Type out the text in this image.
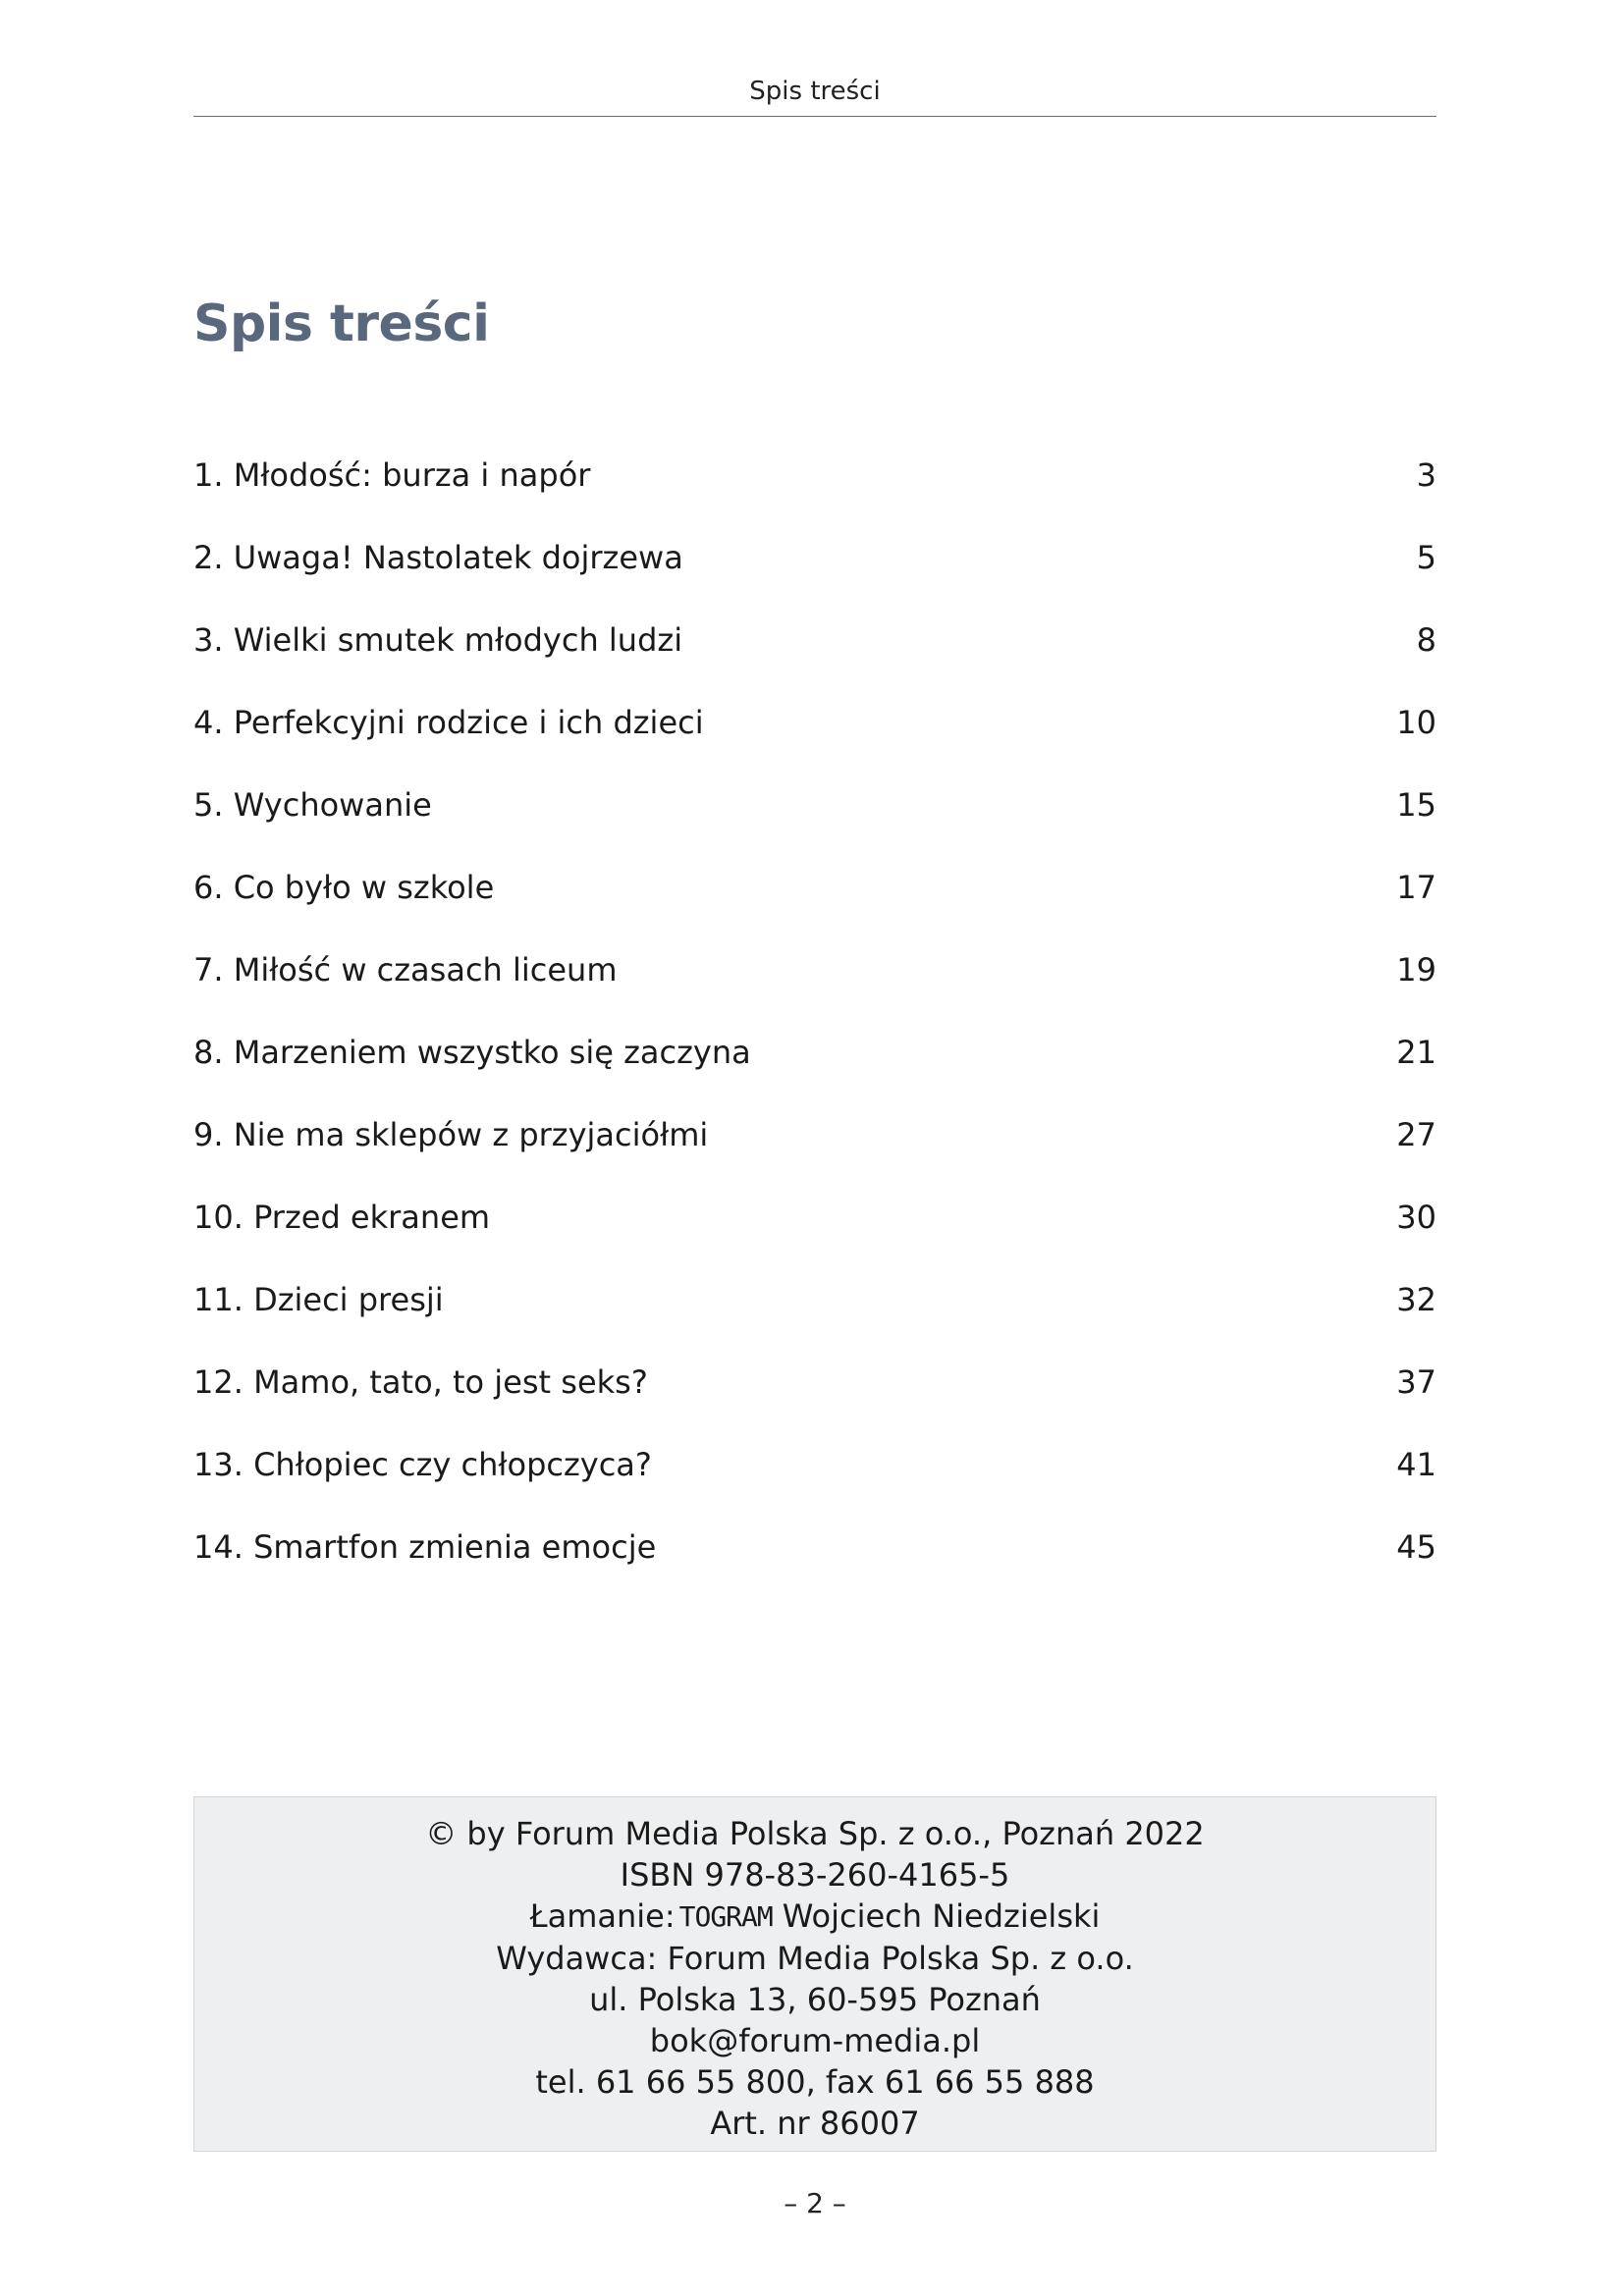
Spis treści
Spis treści
1. Młodość: burza i napór	3
2. Uwaga! Nastolatek dojrzewa	5
3. Wielki smutek młodych ludzi	8
4. Perfekcyjni rodzice i ich dzieci	10
5. Wychowanie	15
6. Co było w szkole	17
7. Miłość w czasach liceum	19
8. Marzeniem wszystko się zaczyna	21
9. Nie ma sklepów z przyjaciółmi	27
10. Przed ekranem	30
11. Dzieci presji	32
12. Mamo, tato, to jest seks?	37
13. Chłopiec czy chłopczyca?	41
14. Smartfon zmienia emocje	45
© by Forum Media Polska Sp. z o.o., Poznań 2022
ISBN 978-83-260-4165-5
Łamanie: TOGRAM Wojciech Niedzielski
Wydawca: Forum Media Polska Sp. z o.o.
ul. Polska 13, 60-595 Poznań
bok@forum-media.pl
tel. 61 66 55 800, fax 61 66 55 888
Art. nr 86007
– 2 –
